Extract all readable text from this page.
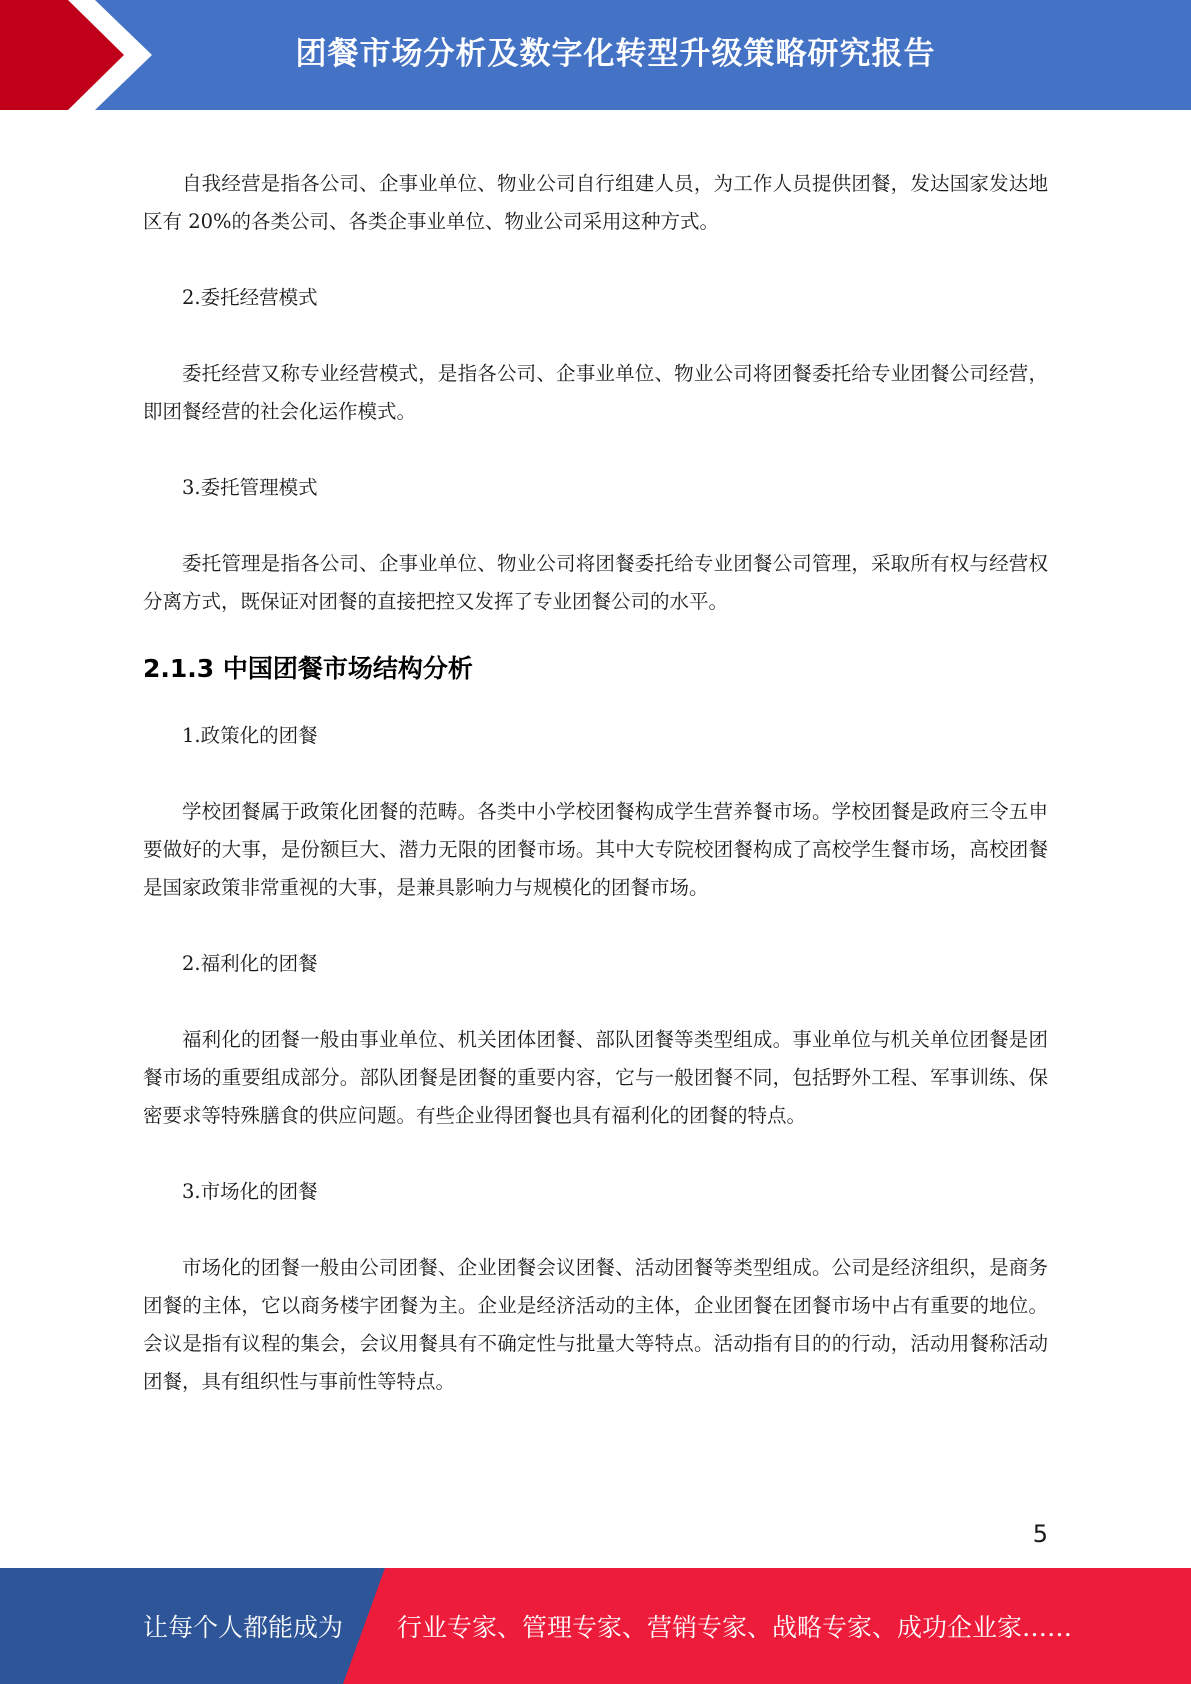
团餐市场分析及数字化转型升级策略研究报告

自我经营是指各公司、企事业单位、物业公司自行组建人员，为工作人员提供团餐，发达国家发达地区有 20%的各类公司、各类企事业单位、物业公司采用这种方式。

2.委托经营模式

委托经营又称专业经营模式，是指各公司、企事业单位、物业公司将团餐委托给专业团餐公司经营，即团餐经营的社会化运作模式。

3.委托管理模式

委托管理是指各公司、企事业单位、物业公司将团餐委托给专业团餐公司管理，采取所有权与经营权分离方式，既保证对团餐的直接把控又发挥了专业团餐公司的水平。

2.1.3 中国团餐市场结构分析

1.政策化的团餐

学校团餐属于政策化团餐的范畴。各类中小学校团餐构成学生营养餐市场。学校团餐是政府三令五申要做好的大事，是份额巨大、潜力无限的团餐市场。其中大专院校团餐构成了高校学生餐市场，高校团餐是国家政策非常重视的大事，是兼具影响力与规模化的团餐市场。

2.福利化的团餐

福利化的团餐一般由事业单位、机关团体团餐、部队团餐等类型组成。事业单位与机关单位团餐是团餐市场的重要组成部分。部队团餐是团餐的重要内容，它与一般团餐不同，包括野外工程、军事训练、保密要求等特殊膳食的供应问题。有些企业得团餐也具有福利化的团餐的特点。

3.市场化的团餐

市场化的团餐一般由公司团餐、企业团餐会议团餐、活动团餐等类型组成。公司是经济组织，是商务团餐的主体，它以商务楼宇团餐为主。企业是经济活动的主体，企业团餐在团餐市场中占有重要的地位。会议是指有议程的集会，会议用餐具有不确定性与批量大等特点。活动指有目的的行动，活动用餐称活动团餐，具有组织性与事前性等特点。

5
让每个人都能成为 行业专家、管理专家、营销专家、战略专家、成功企业家……
